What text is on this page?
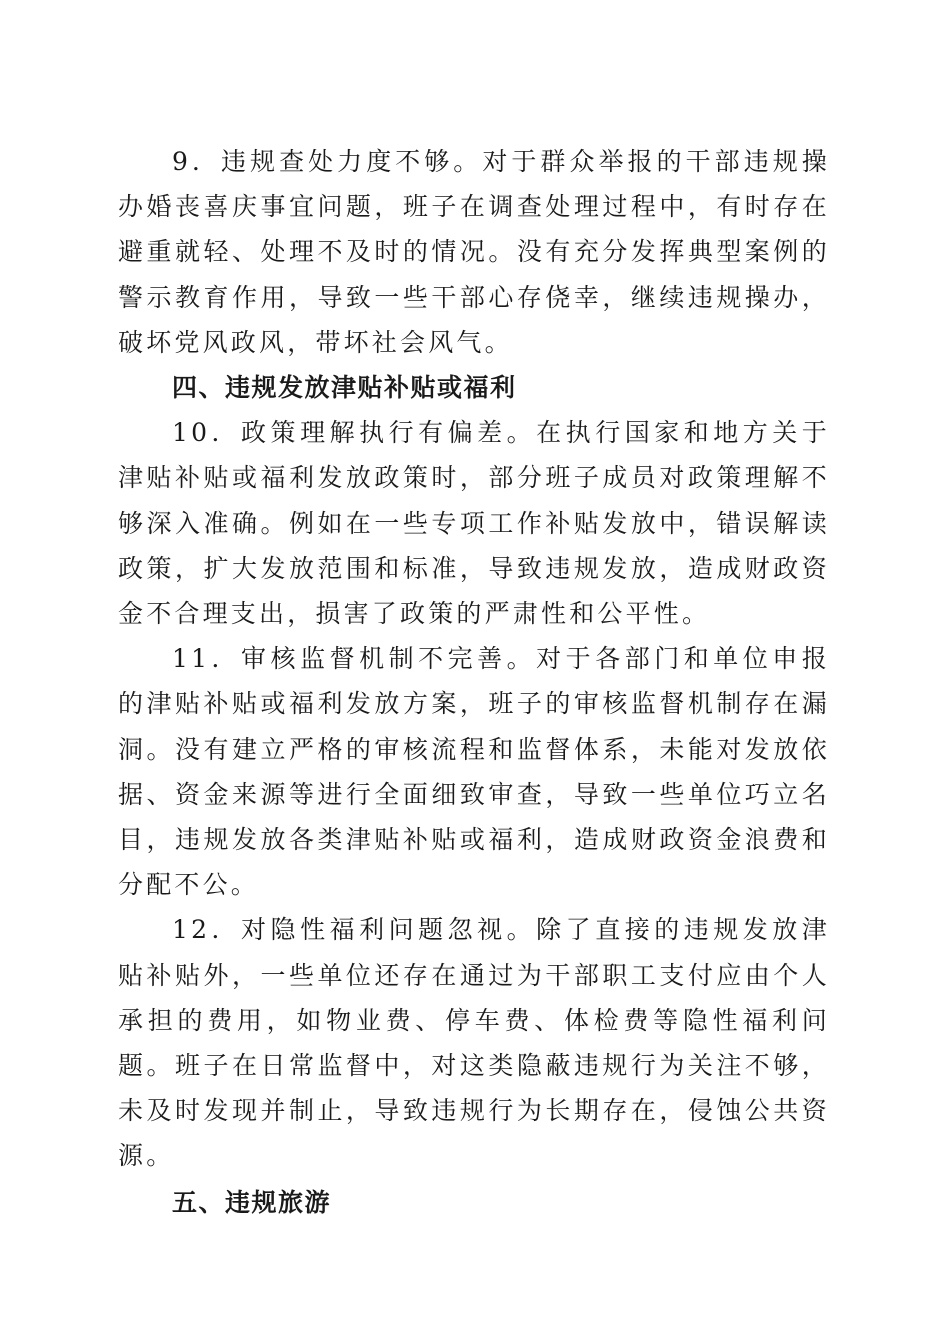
9．违规查处力度不够。对于群众举报的干部违规操办婚丧喜庆事宜问题，班子在调查处理过程中，有时存在避重就轻、处理不及时的情况。没有充分发挥典型案例的警示教育作用，导致一些干部心存侥幸，继续违规操办，破坏党风政风，带坏社会风气。

四、违规发放津贴补贴或福利

10．政策理解执行有偏差。在执行国家和地方关于津贴补贴或福利发放政策时，部分班子成员对政策理解不够深入准确。例如在一些专项工作补贴发放中，错误解读政策，扩大发放范围和标准，导致违规发放，造成财政资金不合理支出，损害了政策的严肃性和公平性。

11．审核监督机制不完善。对于各部门和单位申报的津贴补贴或福利发放方案，班子的审核监督机制存在漏洞。没有建立严格的审核流程和监督体系，未能对发放依据、资金来源等进行全面细致审查，导致一些单位巧立名目，违规发放各类津贴补贴或福利，造成财政资金浪费和分配不公。

12．对隐性福利问题忽视。除了直接的违规发放津贴补贴外，一些单位还存在通过为干部职工支付应由个人承担的费用，如物业费、停车费、体检费等隐性福利问题。班子在日常监督中，对这类隐蔽违规行为关注不够，未及时发现并制止，导致违规行为长期存在，侵蚀公共资源。

五、违规旅游
